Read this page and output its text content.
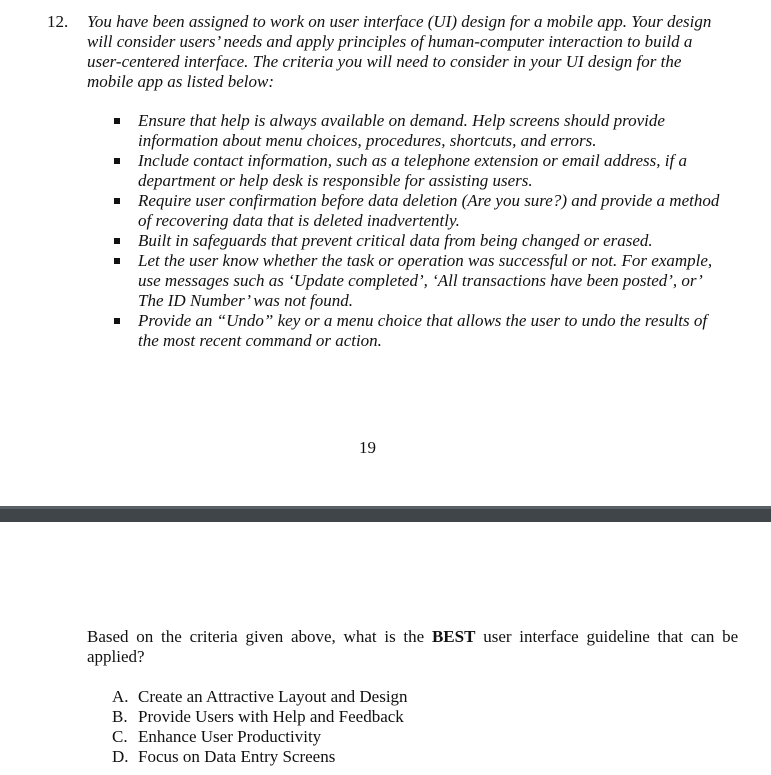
12. You have been assigned to work on user interface (UI) design for a mobile app. Your design
will consider users’ needs and apply principles of human-computer interaction to build a
user-centered interface. The criteria you will need to consider in your UI design for the
mobile app as listed below:
Ensure that help is always available on demand. Help screens should provide
information about menu choices, procedures, shortcuts, and errors.
Include contact information, such as a telephone extension or email address, if a
department or help desk is responsible for assisting users.
Require user confirmation before data deletion (Are you sure?) and provide a method
of recovering data that is deleted inadvertently.
Built in safeguards that prevent critical data from being changed or erased.
Let the user know whether the task or operation was successful or not. For example,
use messages such as ‘Update completed’, ‘All transactions have been posted’, or’
The ID Number’ was not found.
Provide an “Undo” key or a menu choice that allows the user to undo the results of
the most recent command or action.
19
Based on the criteria given above, what is the BEST user interface guideline that can be
applied?
A. Create an Attractive Layout and Design
B. Provide Users with Help and Feedback
C. Enhance User Productivity
D. Focus on Data Entry Screens
